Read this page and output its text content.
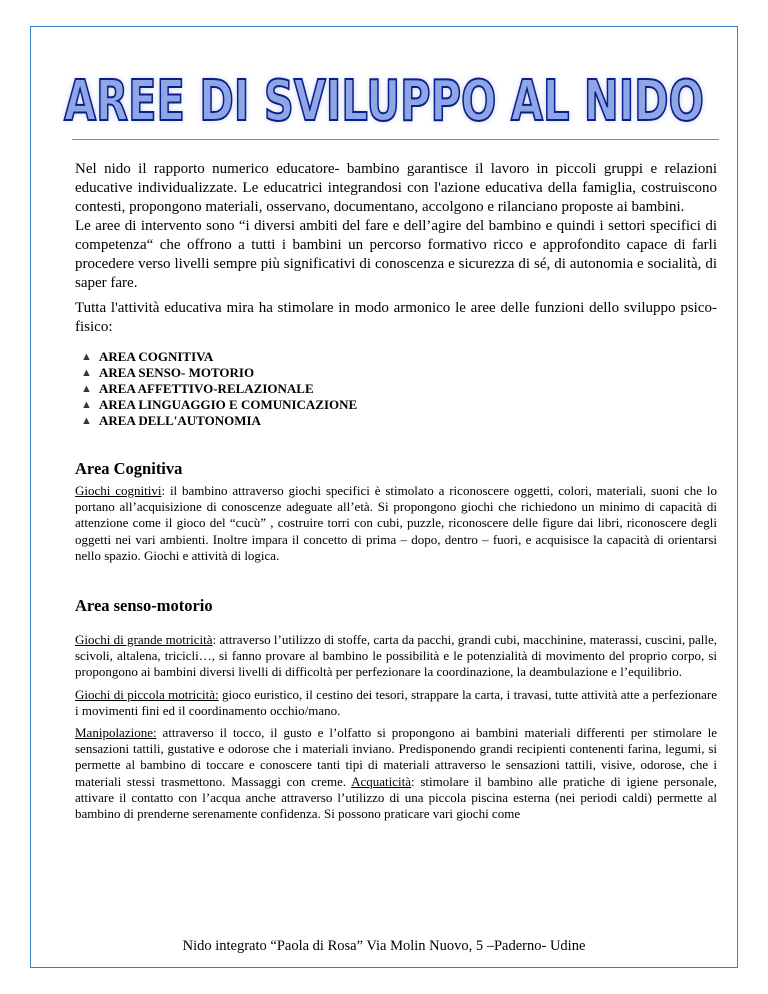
AREE DI SVILUPPO AL NIDO
AREE DI SVILUPPO AL NIDO

Nel nido il rapporto numerico educatore- bambino garantisce il lavoro in piccoli gruppi e relazioni educative individualizzate. Le educatrici integrandosi con l'azione educativa della famiglia, costruiscono contesti, propongono materiali, osservano, documentano, accolgono e rilanciano proposte ai bambini.

Le aree di intervento sono “i diversi ambiti del fare e dell’agire del bambino e quindi i settori specifici di competenza“ che offrono a tutti i bambini un percorso formativo ricco e approfondito capace di farli procedere verso livelli sempre più significativi di conoscenza e sicurezza di sé, di autonomia e socialità, di saper fare.

Tutta l'attività educativa mira ha stimolare in modo armonico le aree delle funzioni dello sviluppo psico-fisico:

▲ AREA COGNITIVA
▲ AREA SENSO- MOTORIO
▲ AREA AFFETTIVO-RELAZIONALE
▲ AREA LINGUAGGIO E COMUNICAZIONE
▲ AREA DELL'AUTONOMIA
Area Cognitiva

Giochi cognitivi: il bambino attraverso giochi specifici è stimolato a riconoscere oggetti, colori, materiali, suoni che lo portano all’acquisizione di conoscenze adeguate all’età. Si propongono giochi che richiedono un minimo di capacità di attenzione come il gioco del “cucù” , costruire torri con cubi, puzzle, riconoscere delle figure dai libri, riconoscere degli oggetti nei vari ambienti. Inoltre impara il concetto di prima – dopo, dentro – fuori, e acquisisce la capacità di orientarsi nello spazio. Giochi e attività di logica.

Area senso-motorio

Giochi di grande motricità: attraverso l’utilizzo di stoffe, carta da pacchi, grandi cubi, macchinine, materassi, cuscini, palle, scivoli, altalena, tricicli…, si fanno provare al bambino le possibilità e le potenzialità di movimento del proprio corpo, si propongono ai bambini diversi livelli di difficoltà per perfezionare la coordinazione, la deambulazione e l’equilibrio.

Giochi di piccola motricità: gioco euristico, il cestino dei tesori, strappare la carta, i travasi, tutte attività atte a perfezionare i movimenti fini ed il coordinamento occhio/mano.

Manipolazione: attraverso il tocco, il gusto e l’olfatto si propongono ai bambini materiali differenti per stimolare le sensazioni tattili, gustative e odorose che i materiali inviano. Predisponendo grandi recipienti contenenti farina, legumi, si permette al bambino di toccare e conoscere tanti tipi di materiali attraverso le sensazioni tattili, visive, odorose, che i materiali stessi trasmettono. Massaggi con creme. Acquaticità: stimolare il bambino alle pratiche di igiene personale, attivare il contatto con l’acqua anche attraverso l’utilizzo di una piccola piscina esterna (nei periodi caldi) permette al bambino di prenderne serenamente confidenza. Si possono praticare vari giochi come

Nido integrato “Paola di Rosa” Via Molin Nuovo, 5 –Paderno- Udine
